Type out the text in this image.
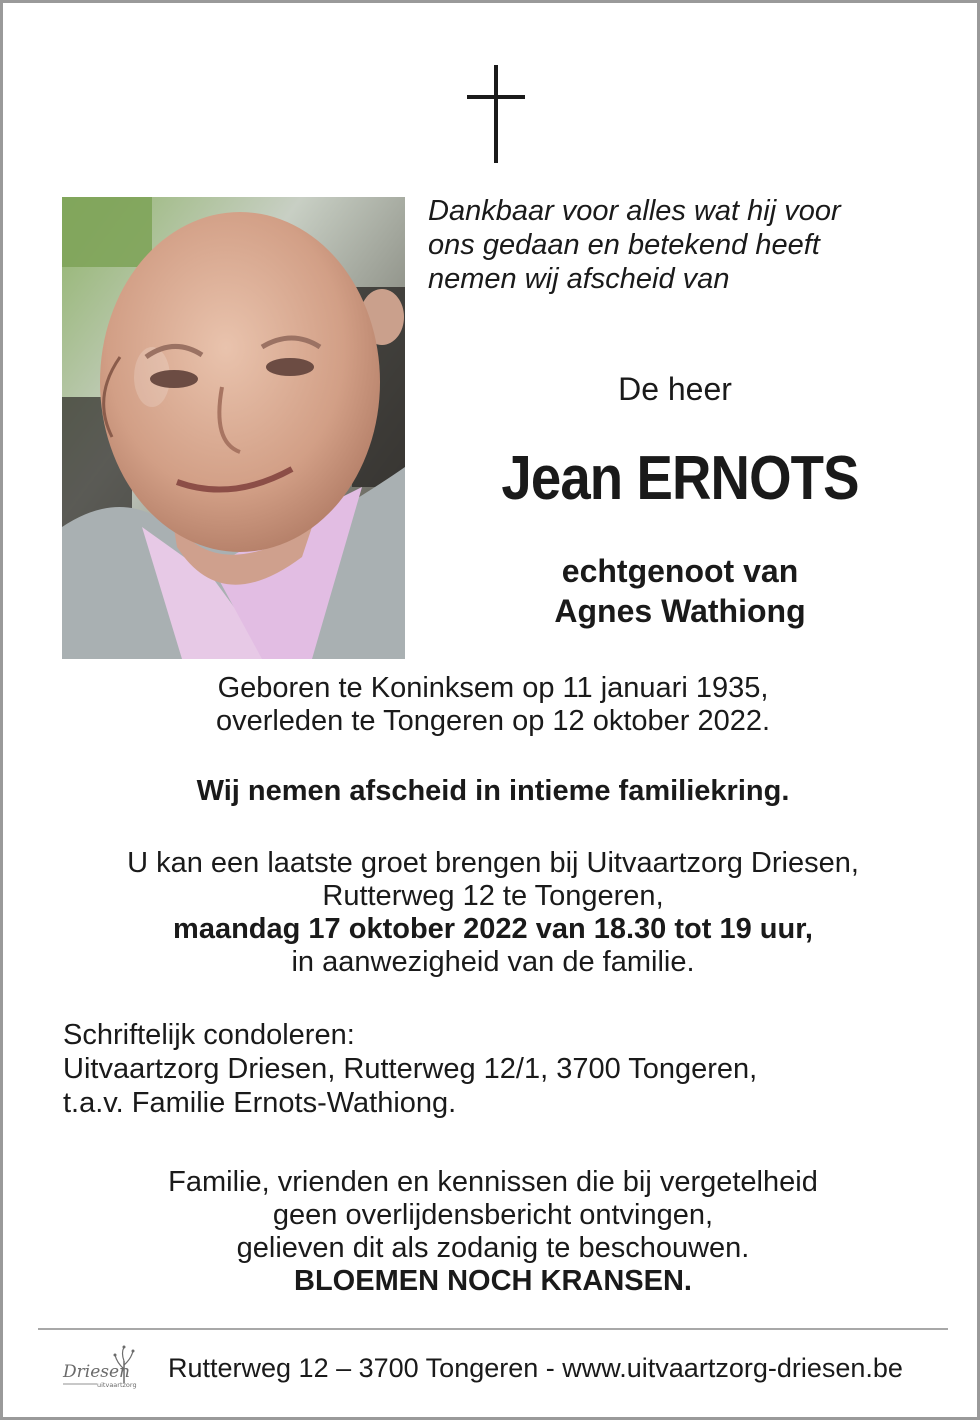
Dankbaar voor alles wat hij voor
ons gedaan en betekend heeft
nemen wij afscheid van
De heer
Jean ERNOTS
echtgenoot van
Agnes Wathiong
Geboren te Koninksem op 11 januari 1935,
overleden te Tongeren op 12 oktober 2022.
Wij nemen afscheid in intieme familiekring.
U kan een laatste groet brengen bij Uitvaartzorg Driesen,
Rutterweg 12 te Tongeren,
maandag 17 oktober 2022 van 18.30 tot 19 uur,
in aanwezigheid van de familie.
Schriftelijk condoleren:
Uitvaartzorg Driesen, Rutterweg 12/1, 3700 Tongeren,
t.a.v. Familie Ernots-Wathiong.
Familie, vrienden en kennissen die bij vergetelheid
geen overlijdensbericht ontvingen,
gelieven dit als zodanig te beschouwen.
BLOEMEN NOCH KRANSEN.
Driesen
uitvaartzorg
Rutterweg 12 – 3700 Tongeren - www.uitvaartzorg-driesen.be
